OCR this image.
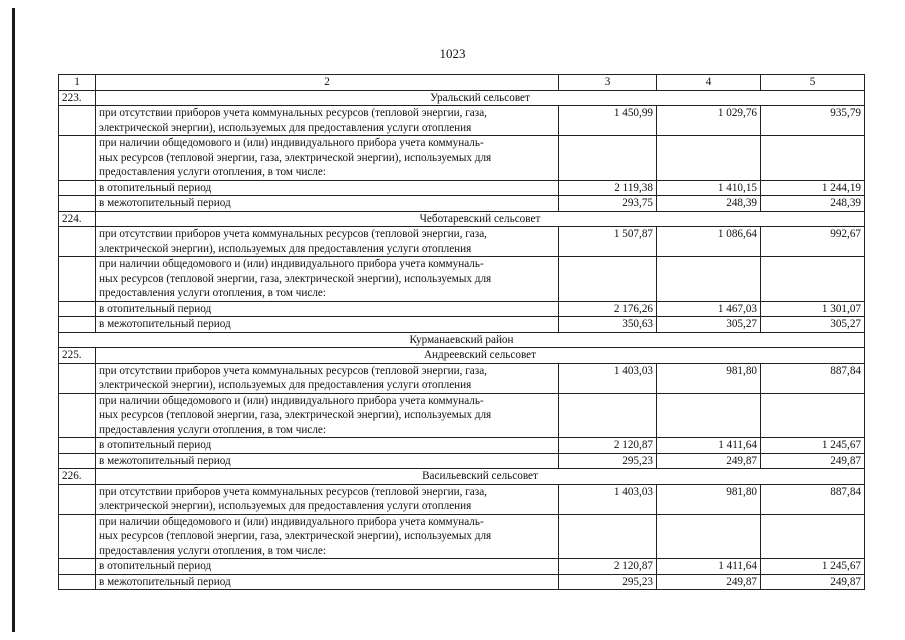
1023
1	2	3	4	5
223.	Уральский сельсовет			

	при отсутствии приборов учета коммунальных ресурсов (тепловой энергии, газа,
электрической энергии), используемых для предоставления услуги отопления	1 450,99	1 029,76	935,79

	при наличии общедомового и (или) индивидуального прибора учета коммуналь-
ных ресурсов (тепловой энергии, газа, электрической энергии), используемых для
предоставления услуги отопления, в том числе:			

	в отопительный период	2 119,38	1 410,15	1 244,19
	в межотопительный период	293,75	248,39	248,39
224.	Чеботаревский сельсовет			

	при отсутствии приборов учета коммунальных ресурсов (тепловой энергии, газа,
электрической энергии), используемых для предоставления услуги отопления	1 507,87	1 086,64	992,67

	при наличии общедомового и (или) индивидуального прибора учета коммуналь-
ных ресурсов (тепловой энергии, газа, электрической энергии), используемых для
предоставления услуги отопления, в том числе:			

	в отопительный период	2 176,26	1 467,03	1 301,07
	в межотопительный период	350,63	305,27	305,27
Курманаевский район				
225.	Андреевский сельсовет			

	при отсутствии приборов учета коммунальных ресурсов (тепловой энергии, газа,
электрической энергии), используемых для предоставления услуги отопления	1 403,03	981,80	887,84

	при наличии общедомового и (или) индивидуального прибора учета коммуналь-
ных ресурсов (тепловой энергии, газа, электрической энергии), используемых для
предоставления услуги отопления, в том числе:			

	в отопительный период	2 120,87	1 411,64	1 245,67
	в межотопительный период	295,23	249,87	249,87
226.	Васильевский сельсовет			

	при отсутствии приборов учета коммунальных ресурсов (тепловой энергии, газа,
электрической энергии), используемых для предоставления услуги отопления	1 403,03	981,80	887,84

	при наличии общедомового и (или) индивидуального прибора учета коммуналь-
ных ресурсов (тепловой энергии, газа, электрической энергии), используемых для
предоставления услуги отопления, в том числе:			

	в отопительный период	2 120,87	1 411,64	1 245,67
	в межотопительный период	295,23	249,87	249,87
